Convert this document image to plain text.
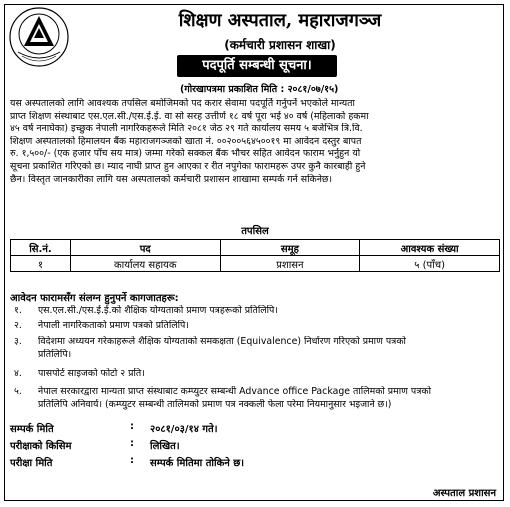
शिक्षण अस्पताल, महाराजगञ्ज
(कर्मचारी प्रशासन शाखा)
पदपूर्ति सम्बन्धी सूचना।
(गोरखापत्रमा प्रकाशित मिति : २०८१/०७/१५)
यस अस्पतालको लागि आवश्यक तपसिल बमोजिमको पद करार सेवामा पदपूर्ति गर्नुपर्ने भएकोले मान्यता
प्राप्त शिक्षण संस्थाबाट एस.एल.सी./एस.ई.ई. वा सो सरह उत्तीर्ण १८ वर्ष पूरा भई ४० वर्ष (महिलाको हकमा
४५ वर्ष ननाघेका) इच्छुक नेपाली नागरिकहरूले मिति २०८१ जेठ २९ गते कार्यालय समय ५ बजेभित्र त्रि.वि.
शिक्षण अस्पतालको हिमालयन बैंक महाराजगञ्जको खाता नं. ००२००५६४५००१९ मा आवेदन दस्तुर बापत
रु. १,५००/- (एक हजार पाँच सय मात्र) जम्मा गरेको सक्कल बैंक भौचर सहित आवेदन फाराम भर्नुहुन यो
सूचना प्रकाशित गरिएको छ। म्याद नाघी प्राप्त हुन आएका र रीत नपुगेका फारामहरू उपर कुनै कारबाही हुने
छैन। विस्तृत जानकारीका लागि यस अस्पतालको कर्मचारी प्रशासन शाखामा सम्पर्क गर्न सकिनेछ।
तपसिल
सि.नं.	पद	समूह	आवश्यक संख्या
१	कार्यालय सहायक	प्रशासन	५ (पाँच)
आवेदन फारामसँग संलग्न हुनुपर्ने कागजातहरू:
१. एस.एल.सी./एस.ई.ई.को शैक्षिक योग्यताको प्रमाण पत्रहरूको प्रतिलिपि।
२. नेपाली नागरिकताको प्रमाण पत्रको प्रतिलिपि।
३. विदेशमा अध्ययन गरेकाहरूले शैक्षिक योग्यताको समकक्षता (Equivalence) निर्धारण गरिएको प्रमाण पत्रको
प्रतिलिपि।
४. पासपोर्ट साइजको फोटो २ प्रति।
५. नेपाल सरकारद्वारा मान्यता प्राप्त संस्थाबाट कम्प्युटर सम्बन्धी Advance office Package तालिमको प्रमाण पत्रको
प्रतिलिपि अनिवार्य। (कम्प्युटर सम्बन्धी तालिमको प्रमाण पत्र नक्कली फेला परेमा नियमानुसार भइजाने छ।)
सम्पर्क मिति	: २०८१/०३/१४ गते।
परीक्षाको किसिम	: लिखित।
परीक्षा मिति	: सम्पर्क मितिमा तोकिने छ।
अस्पताल प्रशासन
